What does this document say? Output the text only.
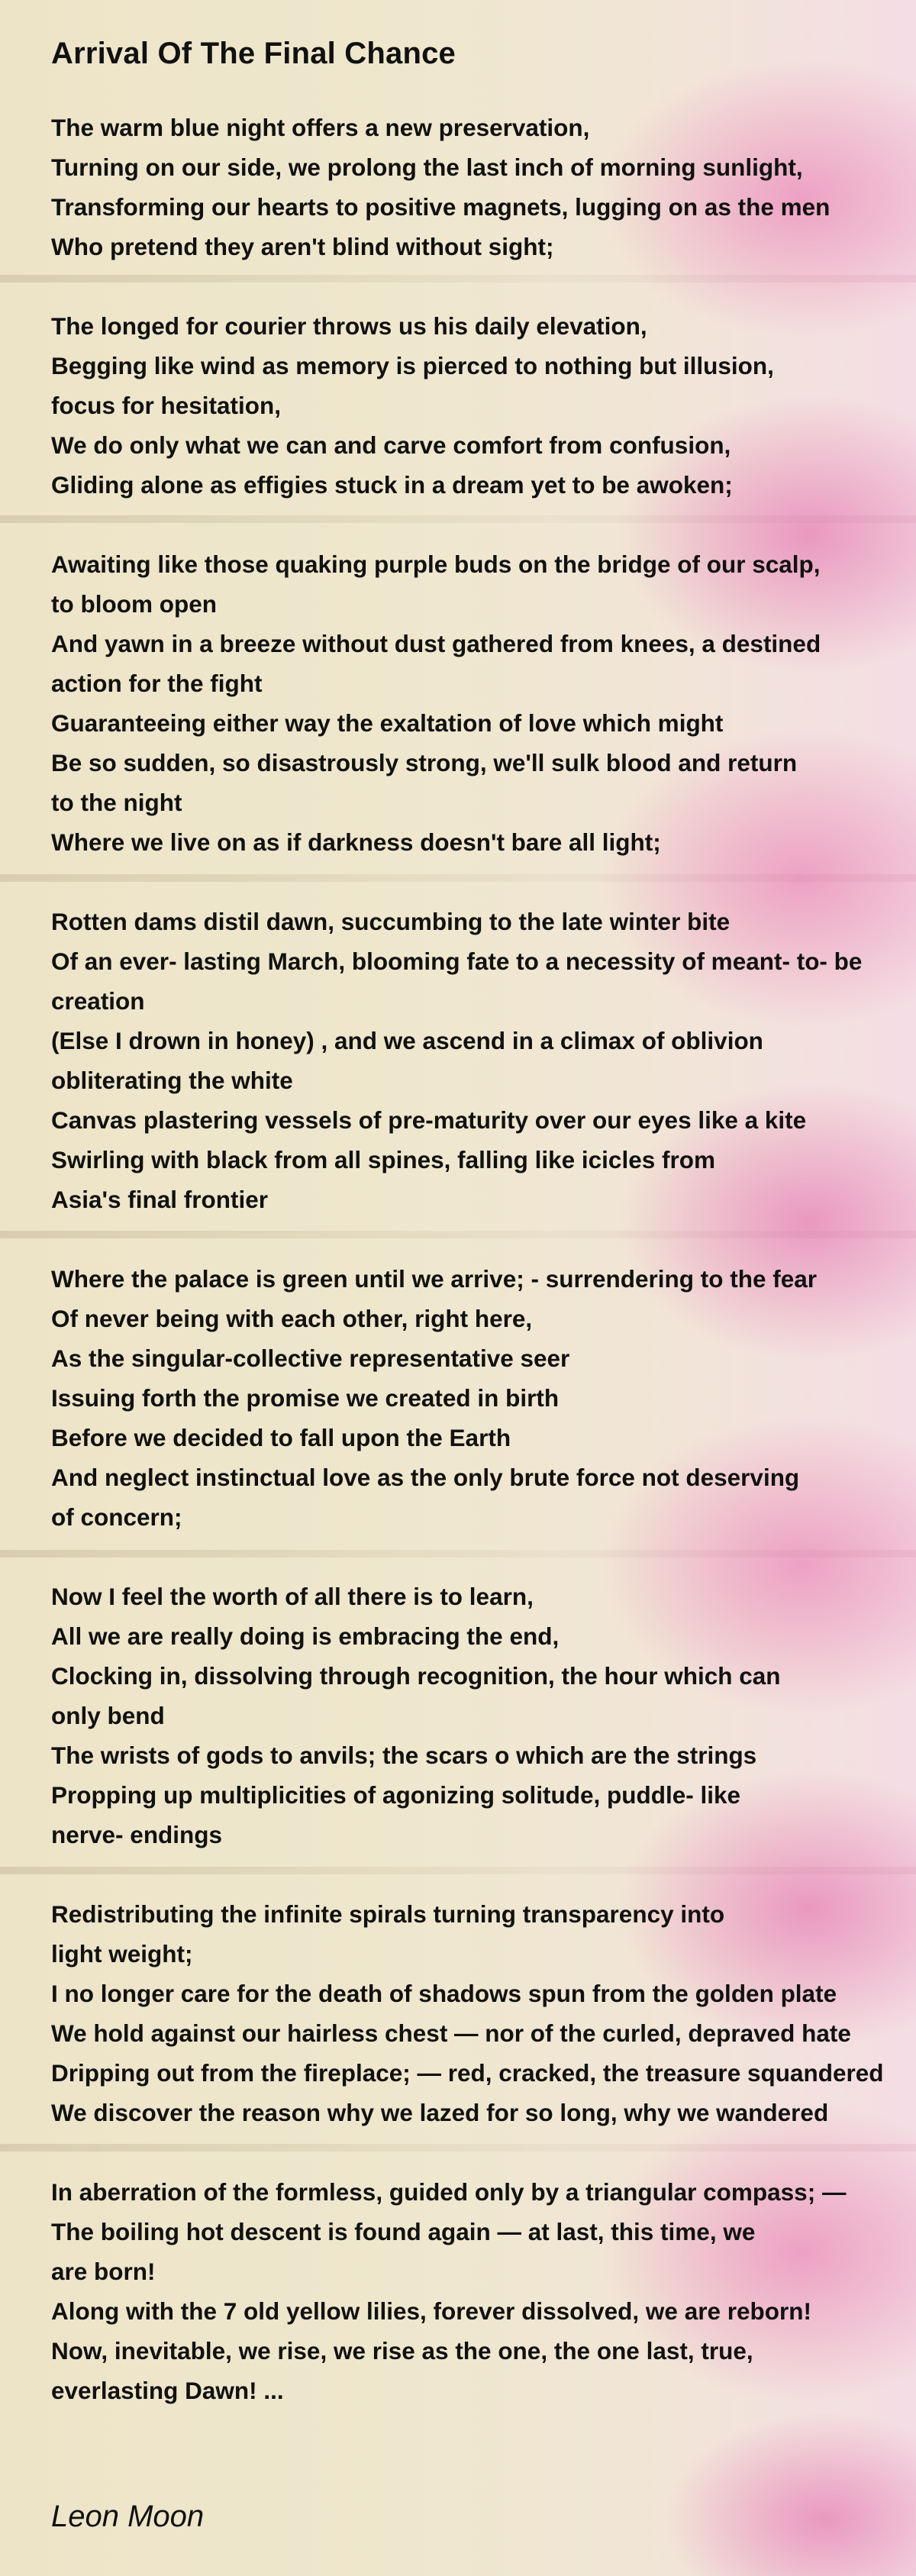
Arrival Of The Final Chance
The warm blue night offers a new preservation,
Turning on our side, we prolong the last inch of morning sunlight,
Transforming our hearts to positive magnets, lugging on as the men
Who pretend they aren't blind without sight;
The longed for courier throws us his daily elevation,
Begging like wind as memory is pierced to nothing but illusion,
focus for hesitation,
We do only what we can and carve comfort from confusion,
Gliding alone as effigies stuck in a dream yet to be awoken;
Awaiting like those quaking purple buds on the bridge of our scalp,
to bloom open
And yawn in a breeze without dust gathered from knees, a destined
action for the fight
Guaranteeing either way the exaltation of love which might
Be so sudden, so disastrously strong, we'll sulk blood and return
to the night
Where we live on as if darkness doesn't bare all light;
Rotten dams distil dawn, succumbing to the late winter bite
Of an ever- lasting March, blooming fate to a necessity of meant- to- be
creation
(Else I drown in honey) , and we ascend in a climax of oblivion
obliterating the white
Canvas plastering vessels of pre-maturity over our eyes like a kite
Swirling with black from all spines, falling like icicles from
Asia's final frontier
Where the palace is green until we arrive; - surrendering to the fear
Of never being with each other, right here,
As the singular-collective representative seer
Issuing forth the promise we created in birth
Before we decided to fall upon the Earth
And neglect instinctual love as the only brute force not deserving
of concern;
Now I feel the worth of all there is to learn,
All we are really doing is embracing the end,
Clocking in, dissolving through recognition, the hour which can
only bend
The wrists of gods to anvils; the scars o which are the strings
Propping up multiplicities of agonizing solitude, puddle- like
nerve- endings
Redistributing the infinite spirals turning transparency into
light weight;
I no longer care for the death of shadows spun from the golden plate
We hold against our hairless chest — nor of the curled, depraved hate
Dripping out from the fireplace; — red, cracked, the treasure squandered
We discover the reason why we lazed for so long, why we wandered
In aberration of the formless, guided only by a triangular compass; —
The boiling hot descent is found again — at last, this time, we
are born!
Along with the 7 old yellow lilies, forever dissolved, we are reborn!
Now, inevitable, we rise, we rise as the one, the one last, true,
everlasting Dawn! ...
Leon Moon
